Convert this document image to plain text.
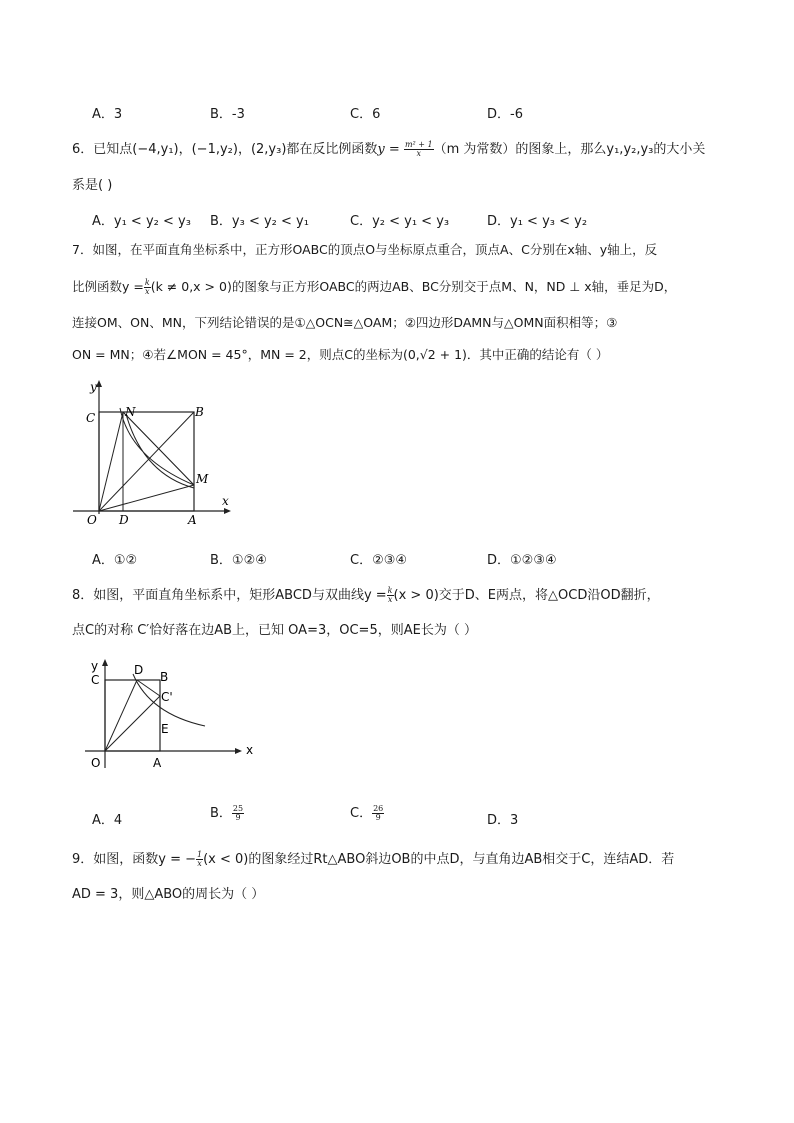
A．3	B．-3	C．6	D．-6
6．已知点(−4,y₁)，(−1,y₂)，(2,y₃)都在反比例函数$y = \frac{\text{m² + 1}}{x} (m$ 为常数）的图象上，那么y₁,y₂,y₃的大小关
系是( )
A．y₁ < y₂ < y₃ B．y₃ < y₂ < y₁	C．y₂ < y₁ < y₃	D．y₁ < y₃ < y₂
7．如图，在平面直角坐标系中，正方形OABC的顶点O与坐标原点重合，顶点A、C分别在x轴、y轴上，反
比例函数$y = \frac{k}{x} (k \ne 0,x > 0)$的图象与正方形OABC的两边AB、BC分别交于点M、N，ND ⊥ x轴，垂足为D，
连接OM、ON、MN，下列结论错误的是①△OCN≅△OAM；②四边形DAMN与△OMN面积相等；③
ON = MN；④若∠MON = 45°，MN = 2，则点C的坐标为(0,√2 + 1)．其中正确的结论有（ ）
y
x
C N	B
M
O D	A
A．①②	B．①②④	C．②③④	D．①②③④
8．如图，平面直角坐标系中，矩形ABCD与双曲线$y = \frac{k}{x} (x > 0)$交于D、E两点，将△OCD沿OD翻折，
点C的对称 C′恰好落在边AB上，已知 OA=3，OC=5，则AE长为（ ）
y
x
C
D B
C'
E
O	A
A．4	B． $\frac{25}{9}$	C． $\frac{26}{9}$	D．3
9．如图，函数y = − $\frac{1}{x} (x < 0)$的图象经过Rt△ABO斜边OB的中点D，与直角边AB相交于C，连结AD．若
AD = 3，则△ABO的周长为（ ）
